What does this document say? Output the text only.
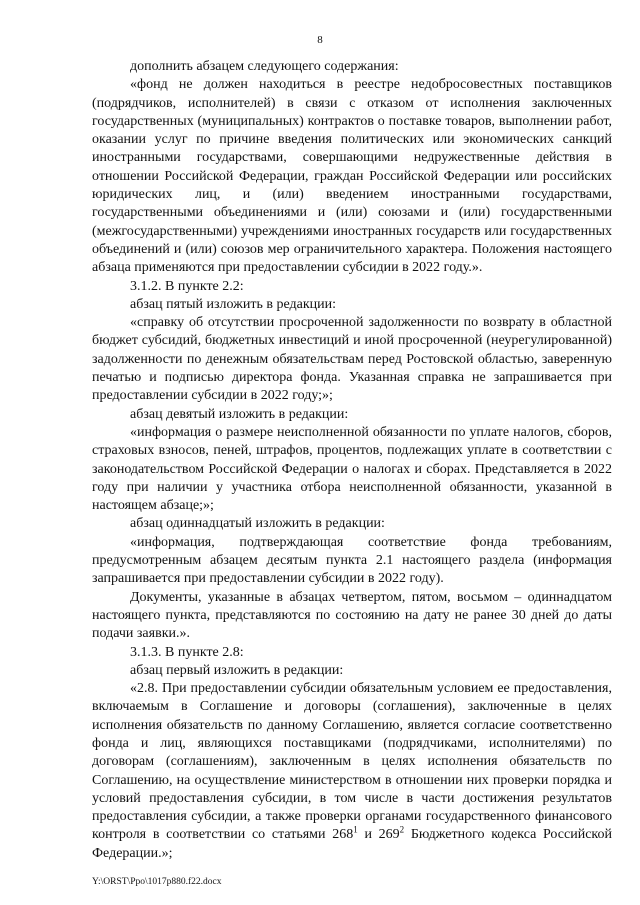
8

дополнить абзацем следующего содержания:

«фонд не должен находиться в реестре недобросовестных поставщиков (подрядчиков, исполнителей) в связи с отказом от исполнения заключенных государственных (муниципальных) контрактов о поставке товаров, выполнении работ, оказании услуг по причине введения политических или экономических санкций иностранными государствами, совершающими недружественные действия в отношении Российской Федерации, граждан Российской Федерации или российских юридических лиц, и (или) введением иностранными государствами, государственными объединениями и (или) союзами и (или) государственными (межгосударственными) учреждениями иностранных государств или государственных объединений и (или) союзов мер ограничительного характера. Положения настоящего абзаца применяются при предоставлении субсидии в 2022 году.».

3.1.2. В пункте 2.2:

абзац пятый изложить в редакции:

«справку об отсутствии просроченной задолженности по возврату в областной бюджет субсидий, бюджетных инвестиций и иной просроченной (неурегулированной) задолженности по денежным обязательствам перед Ростовской областью, заверенную печатью и подписью директора фонда. Указанная справка не запрашивается при предоставлении субсидии в 2022 году;»;

абзац девятый изложить в редакции:

«информация о размере неисполненной обязанности по уплате налогов, сборов, страховых взносов, пеней, штрафов, процентов, подлежащих уплате в соответствии с законодательством Российской Федерации о налогах и сборах. Представляется в 2022 году при наличии у участника отбора неисполненной обязанности, указанной в настоящем абзаце;»;

абзац одиннадцатый изложить в редакции:

«информация, подтверждающая соответствие фонда требованиям, предусмотренным абзацем десятым пункта 2.1 настоящего раздела (информация запрашивается при предоставлении субсидии в 2022 году).

Документы, указанные в абзацах четвертом, пятом, восьмом – одиннадцатом настоящего пункта, представляются по состоянию на дату не ранее 30 дней до даты подачи заявки.».

3.1.3. В пункте 2.8:

абзац первый изложить в редакции:

«2.8. При предоставлении субсидии обязательным условием ее предоставления, включаемым в Соглашение и договоры (соглашения), заключенные в целях исполнения обязательств по данному Соглашению, является согласие соответственно фонда и лиц, являющихся поставщиками (подрядчиками, исполнителями) по договорам (соглашениям), заключенным в целях исполнения обязательств по Соглашению, на осуществление министерством в отношении них проверки порядка и условий предоставления субсидии, в том числе в части достижения результатов предоставления субсидии, а также проверки органами государственного финансового контроля в соответствии со статьями $268^1$ и $269^2$ Бюджетного кодекса Российской Федерации.»;

Y:\ORST\Ppo\1017p880.f22.docx
